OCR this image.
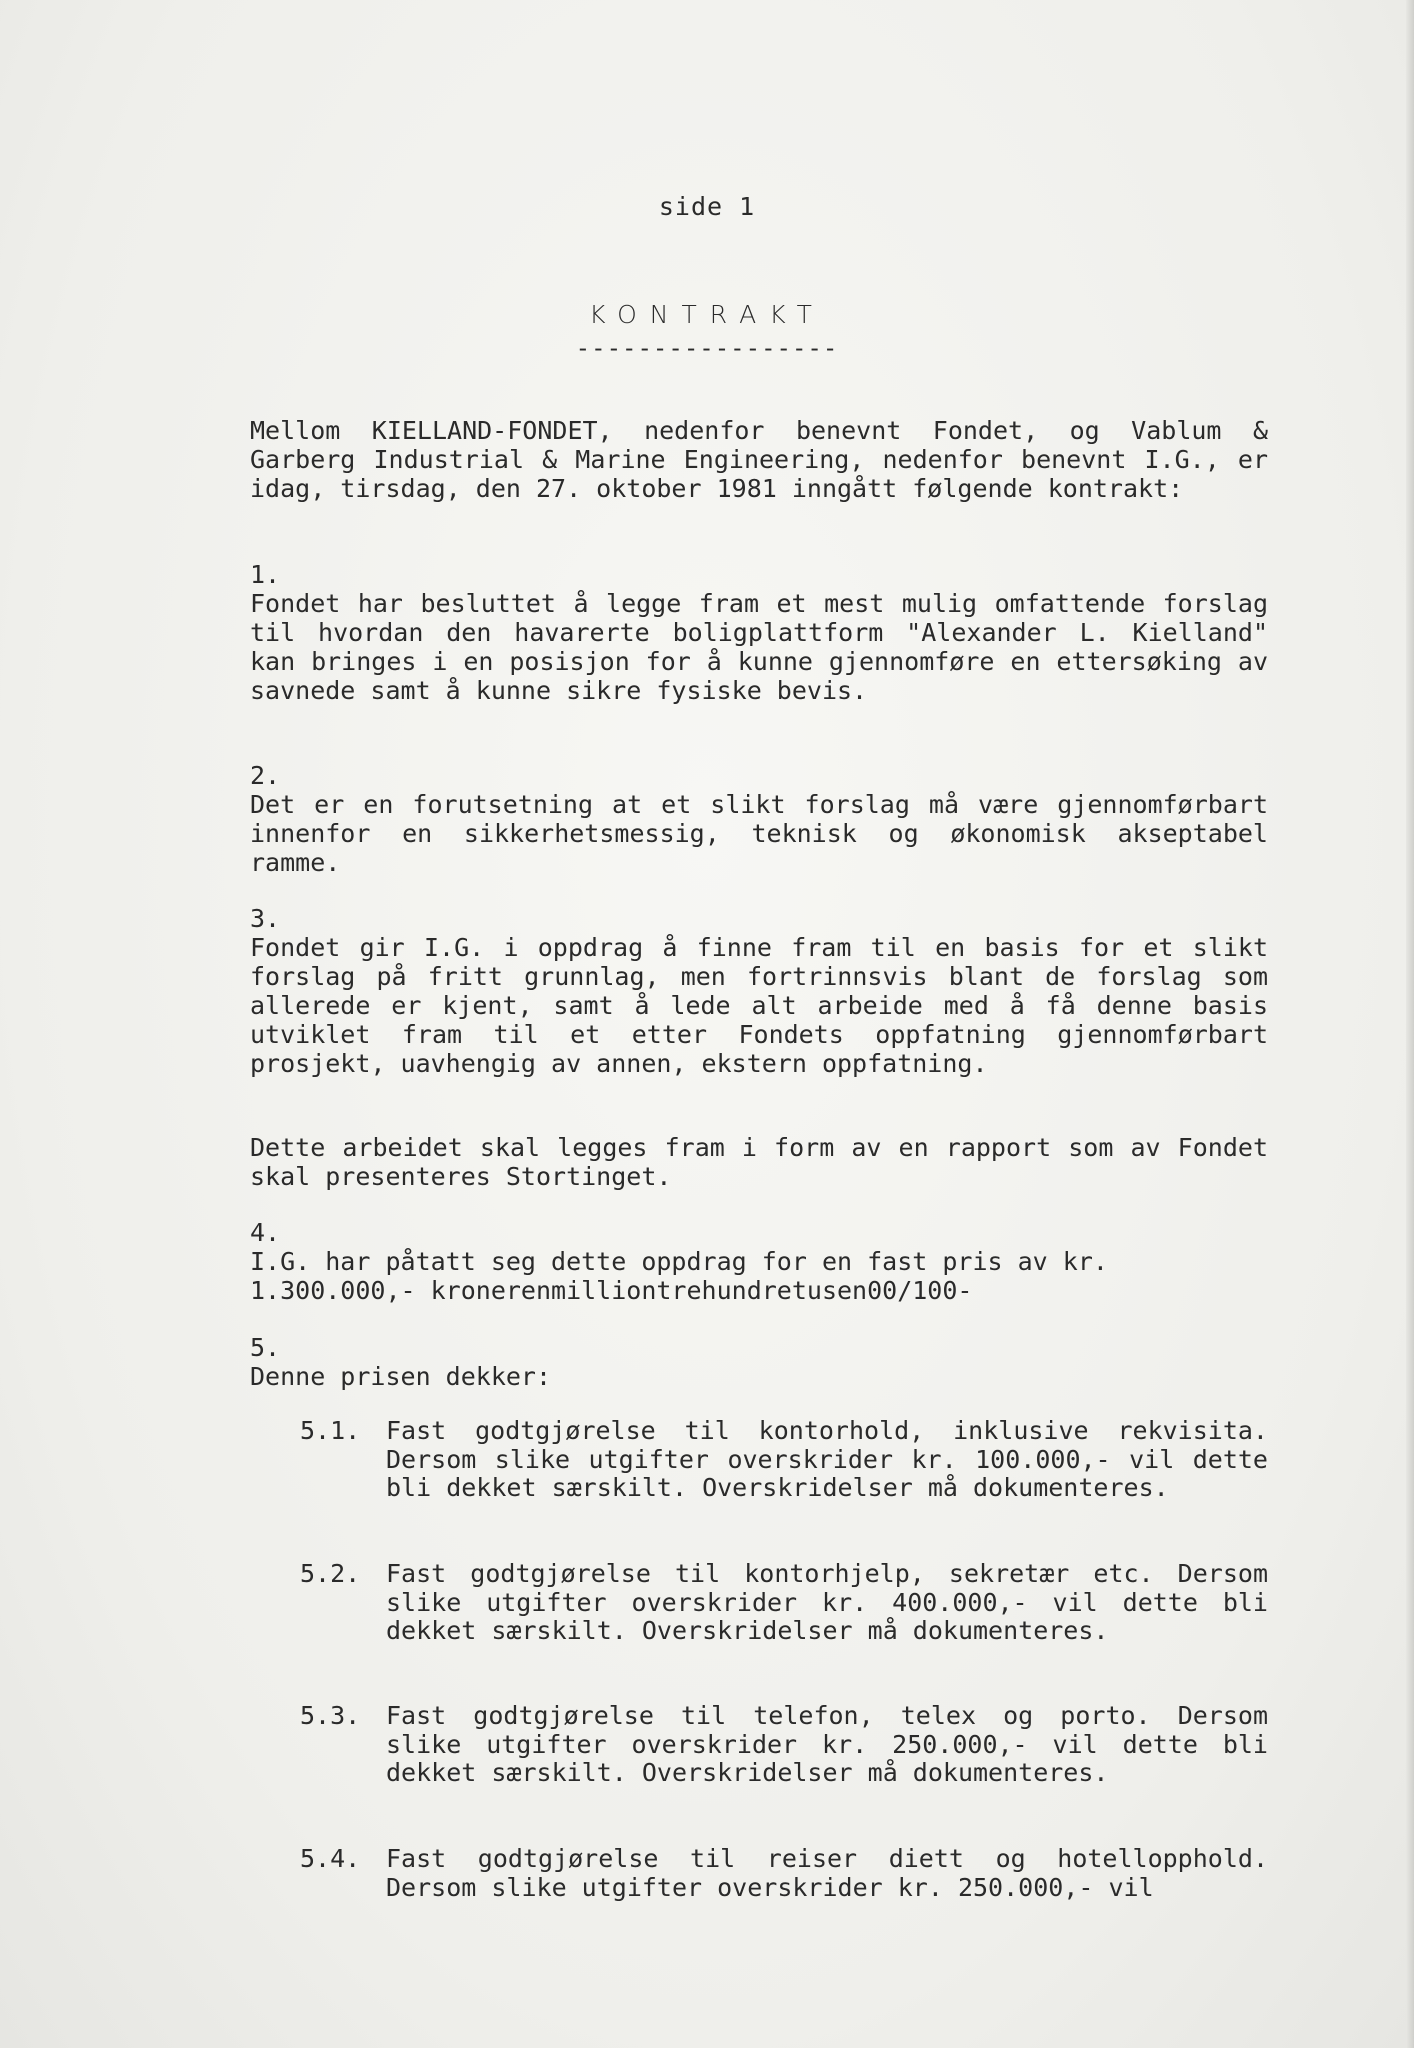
side 1
KONTRAKT
-----------------
Mellom KIELLAND-FONDET, nedenfor benevnt Fondet, og Vablum & Garberg Industrial & Marine Engineering, nedenfor benevnt I.G., er idag, tirsdag, den 27. oktober 1981 inngått følgende kontrakt:
1.
Fondet har besluttet å legge fram et mest mulig omfattende forslag til hvordan den havarerte boligplattform "Alexander L. Kielland" kan bringes i en posisjon for å kunne gjennomføre en ettersøking av savnede samt å kunne sikre fysiske bevis.
2.
Det er en forutsetning at et slikt forslag må være gjennomførbart innenfor en sikkerhetsmessig, teknisk og økonomisk akseptabel ramme.
3.
Fondet gir I.G. i oppdrag å finne fram til en basis for et slikt forslag på fritt grunnlag, men fortrinnsvis blant de forslag som allerede er kjent, samt å lede alt arbeide med å få denne basis utviklet fram til et etter Fondets oppfatning gjennomførbart prosjekt, uavhengig av annen, ekstern oppfatning.
Dette arbeidet skal legges fram i form av en rapport som av Fondet skal presenteres Stortinget.
4.
I.G. har påtatt seg dette oppdrag for en fast pris av kr. 1.300.000,- kronerenmilliontrehundretusen00/100-
5.
Denne prisen dekker:
5.1.	Fast godtgjørelse til kontorhold, inklusive rekvisita. Dersom slike utgifter overskrider kr. 100.000,- vil dette bli dekket særskilt. Overskridelser må dokumenteres.
5.2.	Fast godtgjørelse til kontorhjelp, sekretær etc. Dersom slike utgifter overskrider kr. 400.000,- vil dette bli dekket særskilt. Overskridelser må dokumenteres.
5.3.	Fast godtgjørelse til telefon, telex og porto. Dersom slike utgifter overskrider kr. 250.000,- vil dette bli dekket særskilt. Overskridelser må dokumenteres.
5.4.	Fast godtgjørelse til reiser diett og hotellopphold. Dersom slike utgifter overskrider kr. 250.000,- vil
